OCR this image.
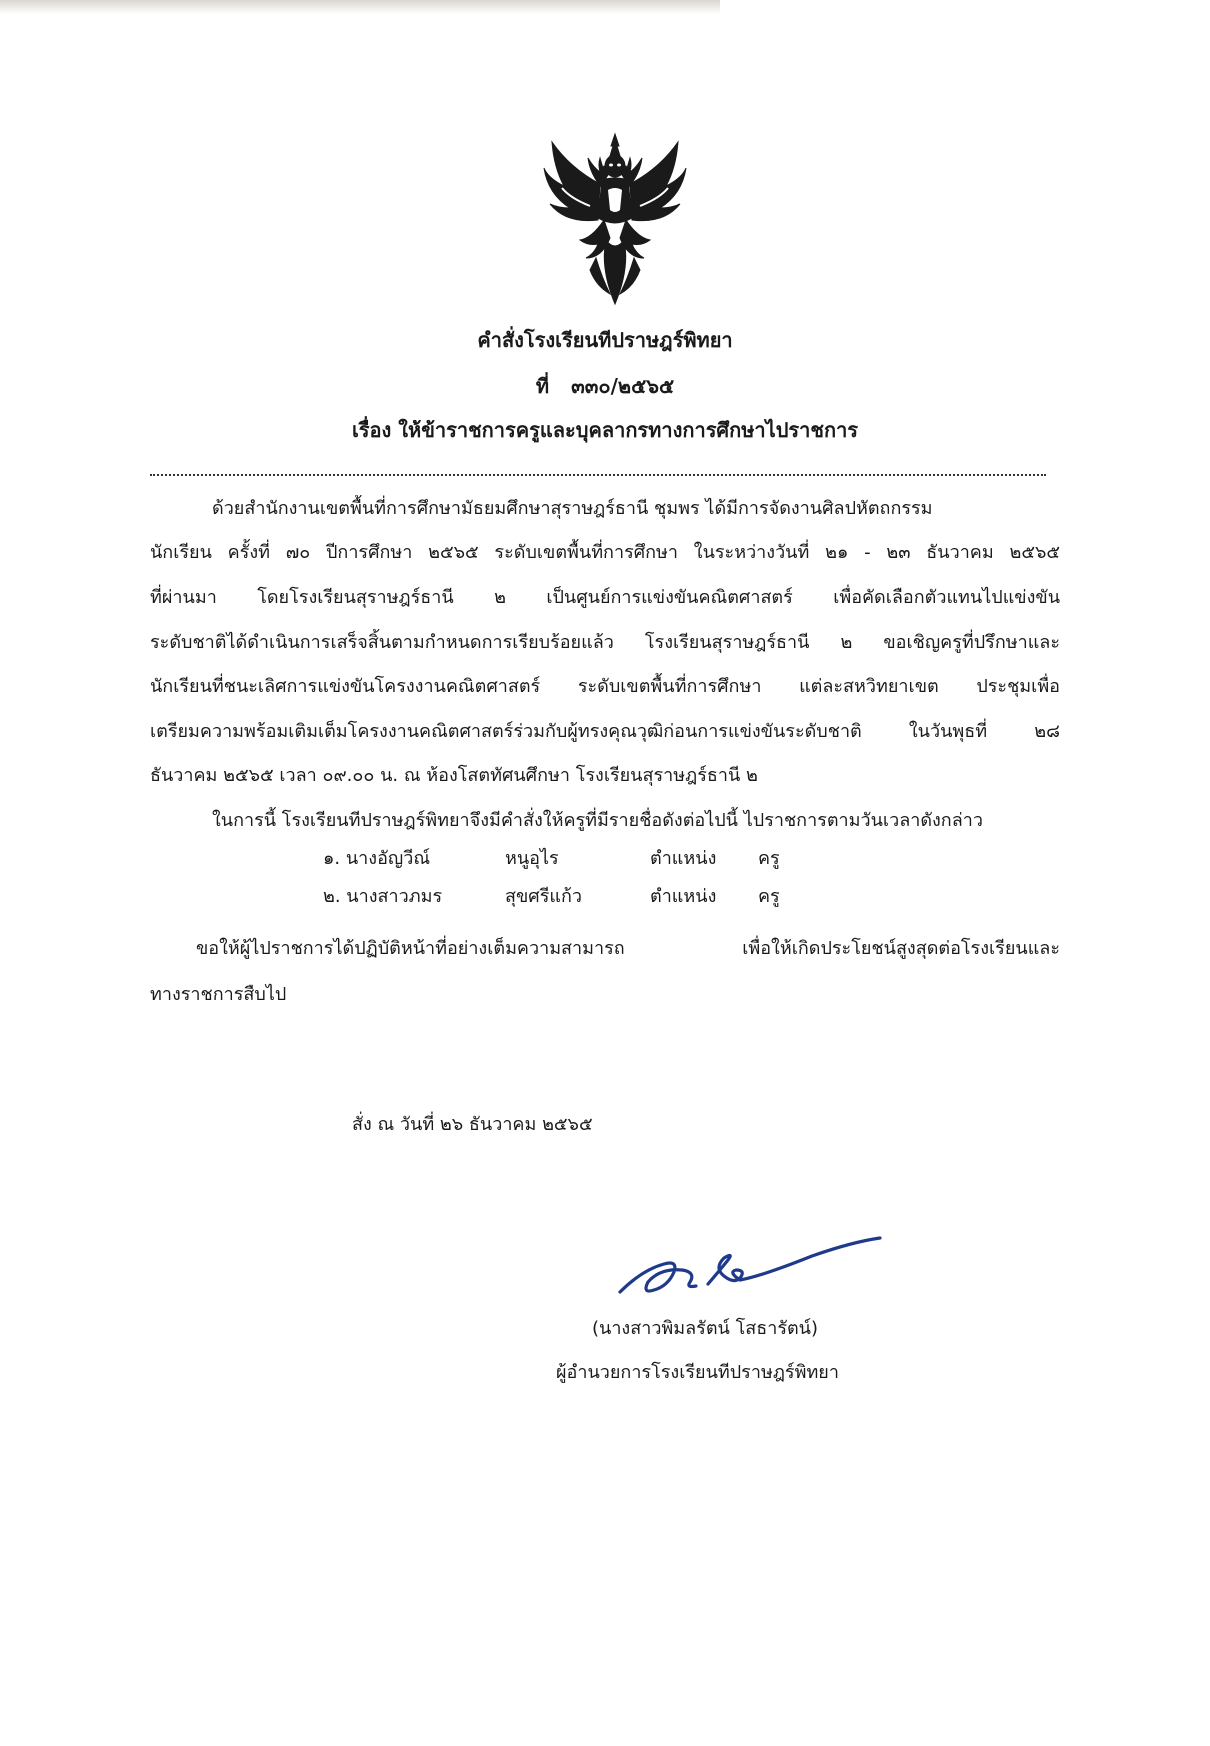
คำสั่งโรงเรียนทีปราษฎร์พิทยา
ที่ ๓๓๐/๒๕๖๕
เรื่อง ให้ข้าราชการครูและบุคลากรทางการศึกษาไปราชการ
ด้วยสำนักงานเขตพื้นที่การศึกษามัธยมศึกษาสุราษฎร์ธานี ชุมพร ได้มีการจัดงานศิลปหัตถกรรม
นักเรียน ครั้งที่ ๗๐ ปีการศึกษา ๒๕๖๕ ระดับเขตพื้นที่การศึกษา ในระหว่างวันที่ ๒๑ - ๒๓ ธันวาคม ๒๕๖๕
ที่ผ่านมา โดยโรงเรียนสุราษฎร์ธานี ๒ เป็นศูนย์การแข่งขันคณิตศาสตร์ เพื่อคัดเลือกตัวแทนไปแข่งขัน
ระดับชาติได้ดำเนินการเสร็จสิ้นตามกำหนดการเรียบร้อยแล้ว โรงเรียนสุราษฎร์ธานี ๒ ขอเชิญครูที่ปรึกษาและ
นักเรียนที่ชนะเลิศการแข่งขันโครงงานคณิตศาสตร์ ระดับเขตพื้นที่การศึกษา แต่ละสหวิทยาเขต ประชุมเพื่อ
เตรียมความพร้อมเติมเต็มโครงงานคณิตศาสตร์ร่วมกับผู้ทรงคุณวุฒิก่อนการแข่งขันระดับชาติ ในวันพุธที่ ๒๘
ธันวาคม ๒๕๖๕ เวลา ๐๙.๐๐ น. ณ ห้องโสตทัศนศึกษา โรงเรียนสุราษฎร์ธานี ๒
ในการนี้ โรงเรียนทีปราษฎร์พิทยาจึงมีคำสั่งให้ครูที่มีรายชื่อดังต่อไปนี้ ไปราชการตามวันเวลาดังกล่าว
๑. นางอัญวีณ์	หนูอุไร	ตำแหน่ง ครู
๒. นางสาวภมร	สุขศรีแก้ว	ตำแหน่ง ครู
ขอให้ผู้ไปราชการได้ปฏิบัติหน้าที่อย่างเต็มความสามารถ เพื่อให้เกิดประโยชน์สูงสุดต่อโรงเรียนและ
ทางราชการสืบไป
สั่ง ณ วันที่ ๒๖ ธันวาคม ๒๕๖๕
(นางสาวพิมลรัตน์ โสธารัตน์)
ผู้อำนวยการโรงเรียนทีปราษฎร์พิทยา
